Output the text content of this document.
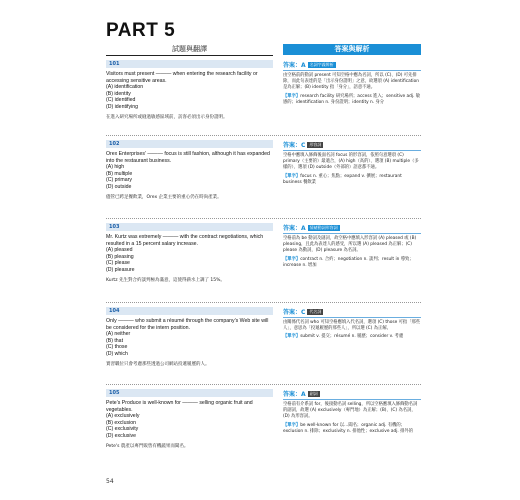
PART 5
試題與翻譯	答案與解析
101
Visitors must present ——— when entering the research facility or
accessing sensitive areas.
(A) identification
(B) identity
(C) identified
(D) identifying
在進入研究場所或縫過敏感區域前，訪客必須出示身份證明。
答案：A	名詞字義辨析
由空格前的動詞 present 可知空格中應為名詞，所以 (C)、(D) 可先排除，而此句表達的是「出示身份證明」之意，故選項 (A) identification 是為正解；(B) identity 指「身分」，語意不通。
【單字】research facility 研究場所；access 進入；sensitive adj. 敏感的；identification n. 身份證明；identity n. 身分
102
Orex Enterprises’ ——— focus is still fashion, although it has expanded
into the restaurant business.
(A) high
(B) multiple
(C) primary
(D) outside
儘管已跨足餐飲業，Orex 企業主要的重心仍在時尚產業。
答案：C	形容詞
空格中應填入修飾後面名詞 focus 的形容詞，依照句意選項 (C) primary（主要的）最適合，(A) high（高的）、選項 (B) multiple（多樣的）、選項 (D) outside（外部的）語意都不通。
【單字】focus n. 重心；焦點；expand v. 擴展；restaurant business 餐飲業
103
Mr. Kurtz was extremely ——— with the contract negotiations, which
resulted in a 15 percent salary increase.
(A) pleased
(B) pleasing
(C) please
(D) pleasure
Kurtz 先生對合約談判極為滿意，這使得薪水上調了 15%。
答案：A	情緒動詞形容詞
空格前為 be 動詞及副詞，故空格中應填入形容詞 (A) pleased 或 (B) pleasing，且此為表達人的感受，所以選 (A) pleased 為正解；(C) please 為動詞，(D) pleasure 為名詞。
【單字】contract n. 合約；negotiation n. 談判；result in 導致；increase n. 增加
104
Only ——— who submit a résumé through the company’s Web site will
be considered for the intern position.
(A) neither
(B) that
(C) those
(D) which
實習職位只會考慮那些透過公司網站投遞履歷的人。
答案：C	代名詞
由關係代名詞 who 可知空格應填入代名詞，選項 (C) those 可指「那些人」，意思為「投遞履歷的那些人」，所以選 (C) 為正解。
【單字】submit v. 提交；résumé n. 履歷；consider v. 考慮
105
Pete’s Produce is well-known for ——— selling organic fruit and
vegetables.
(A) exclusively
(B) exclusion
(C) exclusivity
(D) exclusive
Pete's 農產以專門販售有機蔬果而聞名。
答案：A	副詞
空格前有介系詞 for，後接動名詞 selling，所以空格應填入修飾動名詞的副詞，故選 (A) exclusively（專門地）為正解；(B)、(C) 為名詞，(D) 為形容詞。
【單字】be well-known for 以…聞名；organic adj. 有機的；exclusion n. 排除；exclusivity n. 排他性；exclusive adj. 排外的
54
